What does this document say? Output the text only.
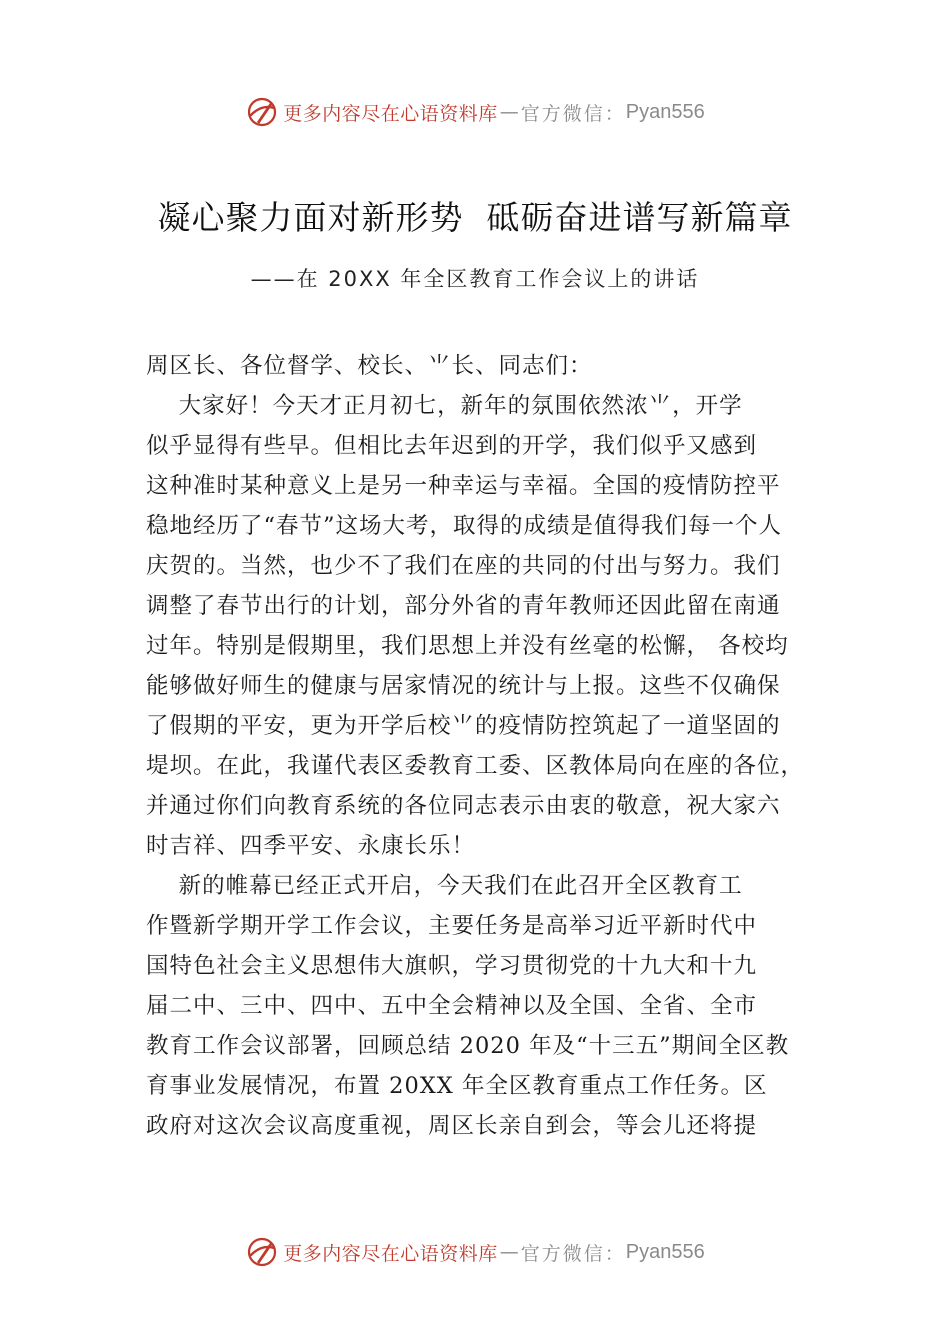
更多内容尽在心语资料库 — 官方微信： Pyan556
凝心聚力面对新形势  砥砺奋进谱写新篇章
——在 20XX 年全区教育工作会议上的讲话
周区长、各位督学、校长、⺌长、同志们：
大家好！今天才正月初七，新年的氛围依然浓⺌，开学
似乎显得有些早。但相比去年迟到的开学，我们似乎又感到
这种准时某种意义上是另一种幸运与幸福。全国的疫情防控平
稳地经历了“春节”这场大考，取得的成绩是值得我们每一个人
庆贺的。当然，也少不了我们在座的共同的付出与努力。我们
调整了春节出行的计划，部分外省的青年教师还因此留在南通
过年。特别是假期里，我们思想上并没有丝毫的松懈， 各校均
能够做好师生的健康与居家情况的统计与上报。这些不仅确保
了假期的平安，更为开学后校⺌的疫情防控筑起了一道坚固的
堤坝。在此，我谨代表区委教育工委、区教体局向在座的各位，
并通过你们向教育系统的各位同志表示由衷的敬意，祝大家六
时吉祥、四季平安、永康长乐！
新的帷幕已经正式开启，今天我们在此召开全区教育工
作暨新学期开学工作会议，主要任务是高举习近平新时代中
国特色社会主义思想伟大旗帜，学习贯彻党的十九大和十九
届二中、三中、四中、五中全会精神以及全国、全省、全市
教育工作会议部署，回顾总结 2020 年及“十三五”期间全区教
育事业发展情况，布置 20XX 年全区教育重点工作任务。区
政府对这次会议高度重视，周区长亲自到会，等会儿还将提
更多内容尽在心语资料库 — 官方微信： Pyan556
